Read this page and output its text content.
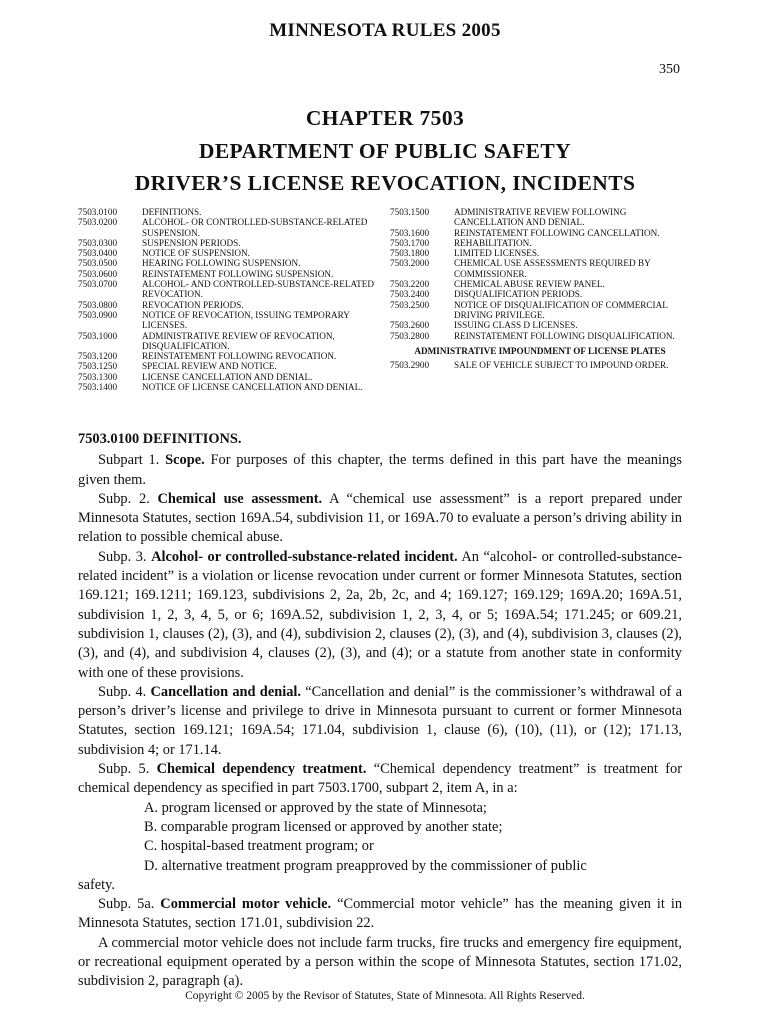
MINNESOTA RULES 2005
350
CHAPTER 7503
DEPARTMENT OF PUBLIC SAFETY
DRIVER’S LICENSE REVOCATION, INCIDENTS
7503.0100	DEFINITIONS.
7503.0200	ALCOHOL- OR CONTROLLED-SUBSTANCE-RELATED SUSPENSION.
7503.0300	SUSPENSION PERIODS.
7503.0400	NOTICE OF SUSPENSION.
7503.0500	HEARING FOLLOWING SUSPENSION.
7503.0600	REINSTATEMENT FOLLOWING SUSPENSION.
7503.0700	ALCOHOL- AND CONTROLLED-SUBSTANCE-RELATED REVOCATION.
7503.0800	REVOCATION PERIODS.
7503.0900	NOTICE OF REVOCATION, ISSUING TEMPORARY LICENSES.
7503.1000	ADMINISTRATIVE REVIEW OF REVOCATION, DISQUALIFICATION.
7503.1200	REINSTATEMENT FOLLOWING REVOCATION.
7503.1250	SPECIAL REVIEW AND NOTICE.
7503.1300	LICENSE CANCELLATION AND DENIAL.
7503.1400	NOTICE OF LICENSE CANCELLATION AND DENIAL.
7503.1500	ADMINISTRATIVE REVIEW FOLLOWING CANCELLATION AND DENIAL.
7503.1600	REINSTATEMENT FOLLOWING CANCELLATION.
7503.1700	REHABILITATION.
7503.1800	LIMITED LICENSES.
7503.2000	CHEMICAL USE ASSESSMENTS REQUIRED BY COMMISSIONER.
7503.2200	CHEMICAL ABUSE REVIEW PANEL.
7503.2400	DISQUALIFICATION PERIODS.
7503.2500	NOTICE OF DISQUALIFICATION OF COMMERCIAL DRIVING PRIVILEGE.
7503.2600	ISSUING CLASS D LICENSES.
7503.2800	REINSTATEMENT FOLLOWING DISQUALIFICATION.
ADMINISTRATIVE IMPOUNDMENT OF LICENSE PLATES
7503.2900	SALE OF VEHICLE SUBJECT TO IMPOUND ORDER.
7503.0100 DEFINITIONS.

Subpart 1. Scope. For purposes of this chapter, the terms defined in this part have the meanings given them.

Subp. 2. Chemical use assessment. A “chemical use assessment” is a report prepared under Minnesota Statutes, section 169A.54, subdivision 11, or 169A.70 to evaluate a person’s driving ability in relation to possible chemical abuse.

Subp. 3. Alcohol- or controlled-substance-related incident. An “alcohol- or controlled-substance-related incident” is a violation or license revocation under current or former Minnesota Statutes, section 169.121; 169.1211; 169.123, subdivisions 2, 2a, 2b, 2c, and 4; 169.127; 169.129; 169A.20; 169A.51, subdivision 1, 2, 3, 4, 5, or 6; 169A.52, subdivision 1, 2, 3, 4, or 5; 169A.54; 171.245; or 609.21, subdivision 1, clauses (2), (3), and (4), subdivision 2, clauses (2), (3), and (4), subdivision 3, clauses (2), (3), and (4), and subdivision 4, clauses (2), (3), and (4); or a statute from another state in conformity with one of these provisions.

Subp. 4. Cancellation and denial. “Cancellation and denial” is the commissioner’s withdrawal of a person’s driver’s license and privilege to drive in Minnesota pursuant to current or former Minnesota Statutes, section 169.121; 169A.54; 171.04, subdivision 1, clause (6), (10), (11), or (12); 171.13, subdivision 4; or 171.14.

Subp. 5. Chemical dependency treatment. “Chemical dependency treatment” is treatment for chemical dependency as specified in part 7503.1700, subpart 2, item A, in a:

A. program licensed or approved by the state of Minnesota;

B. comparable program licensed or approved by another state;

C. hospital-based treatment program; or

D. alternative treatment program preapproved by the commissioner of public

safety.

Subp. 5a. Commercial motor vehicle. “Commercial motor vehicle” has the meaning given it in Minnesota Statutes, section 171.01, subdivision 22.

A commercial motor vehicle does not include farm trucks, fire trucks and emergency fire equipment, or recreational equipment operated by a person within the scope of Minnesota Statutes, section 171.02, subdivision 2, paragraph (a).

Copyright © 2005 by the Revisor of Statutes, State of Minnesota. All Rights Reserved.
